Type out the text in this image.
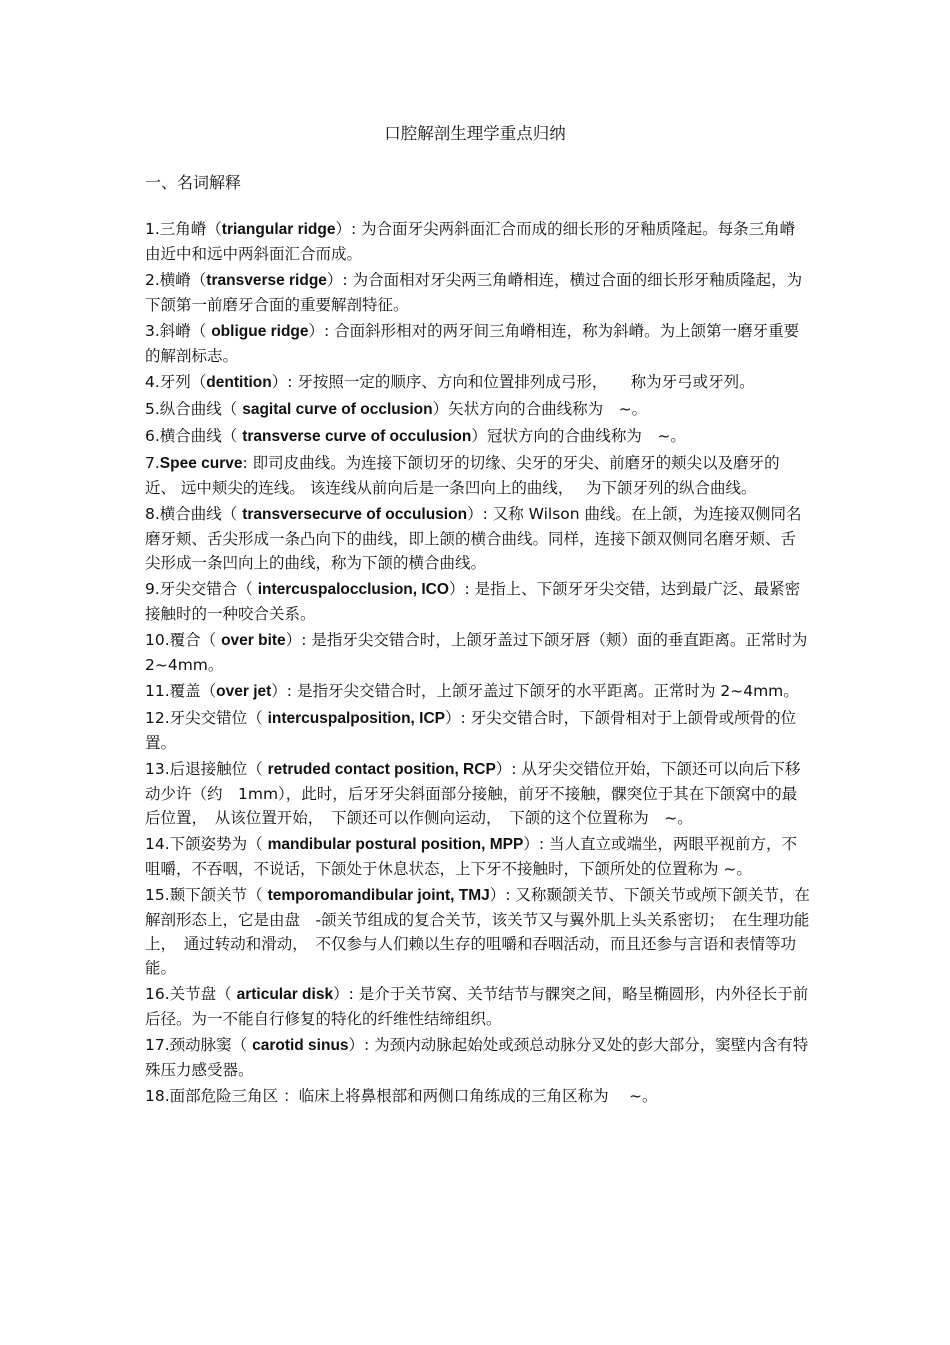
口腔解剖生理学重点归纳
一、名词解释
1.三角嵴（triangular ridge）: 为合面牙尖两斜面汇合而成的细长形的牙釉质隆起。每条三角嵴由近中和远中两斜面汇合而成。
2.横嵴（transverse ridge）: 为合面相对牙尖两三角嵴相连，横过合面的细长形牙釉质隆起，为下颌第一前磨牙合面的重要解剖特征。
3.斜嵴（ obligue ridge）: 合面斜形相对的两牙间三角嵴相连，称为斜嵴。为上颌第一磨牙重要的解剖标志。
4.牙列（dentition）: 牙按照一定的顺序、方向和位置排列成弓形，　　称为牙弓或牙列。
5.纵合曲线（ sagital curve of occlusion）矢状方向的合曲线称为　~。
6.横合曲线（ transverse curve of occulusion）冠状方向的合曲线称为　~。
7.Spee curve: 即司皮曲线。为连接下颌切牙的切缘、尖牙的牙尖、前磨牙的颊尖以及磨牙的近、 远中颊尖的连线。 该连线从前向后是一条凹向上的曲线，　 为下颌牙列的纵合曲线。
8.横合曲线（ transversecurve of occulusion）: 又称 Wilson 曲线。在上颌，为连接双侧同名磨牙颊、舌尖形成一条凸向下的曲线，即上颌的横合曲线。同样，连接下颌双侧同名磨牙颊、舌尖形成一条凹向上的曲线，称为下颌的横合曲线。
9.牙尖交错合（ intercuspalocclusion, ICO）: 是指上、下颌牙牙尖交错，达到最广泛、最紧密接触时的一种咬合关系。
10.覆合（ over bite）: 是指牙尖交错合时，上颌牙盖过下颌牙唇（颊）面的垂直距离。正常时为　2~4mm。
11.覆盖（over jet）: 是指牙尖交错合时，上颌牙盖过下颌牙的水平距离。正常时为 2~4mm。
12.牙尖交错位（ intercuspalposition, ICP）: 牙尖交错合时，下颌骨相对于上颌骨或颅骨的位置。
13.后退接触位（ retruded contact position, RCP）: 从牙尖交错位开始，下颌还可以向后下移动少许（约　1mm），此时，后牙牙尖斜面部分接触，前牙不接触，髁突位于其在下颌窝中的最后位置，　从该位置开始，　下颌还可以作侧向运动，　下颌的这个位置称为　~。
14.下颌姿势为（ mandibular postural position, MPP）: 当人直立或端坐，两眼平视前方，不咀嚼，不吞咽，不说话，下颌处于休息状态，上下牙不接触时，下颌所处的位置称为 ~。
15.颞下颌关节（ temporomandibular joint, TMJ）: 又称颞颌关节、下颌关节或颅下颌关节，在解剖形态上，它是由盘　-颌关节组成的复合关节，该关节又与翼外肌上头关系密切；　在生理功能上，　通过转动和滑动，　不仅参与人们赖以生存的咀嚼和吞咽活动，而且还参与言语和表情等功能。
16.关节盘（ articular disk）: 是介于关节窝、关节结节与髁突之间，略呈椭圆形，内外径长于前后径。为一不能自行修复的特化的纤维性结缔组织。
17.颈动脉窦（ carotid sinus）: 为颈内动脉起始处或颈总动脉分叉处的彭大部分，窦壁内含有特殊压力感受器。
18.面部危险三角区 ：临床上将鼻根部和两侧口角练成的三角区称为　 ~。
